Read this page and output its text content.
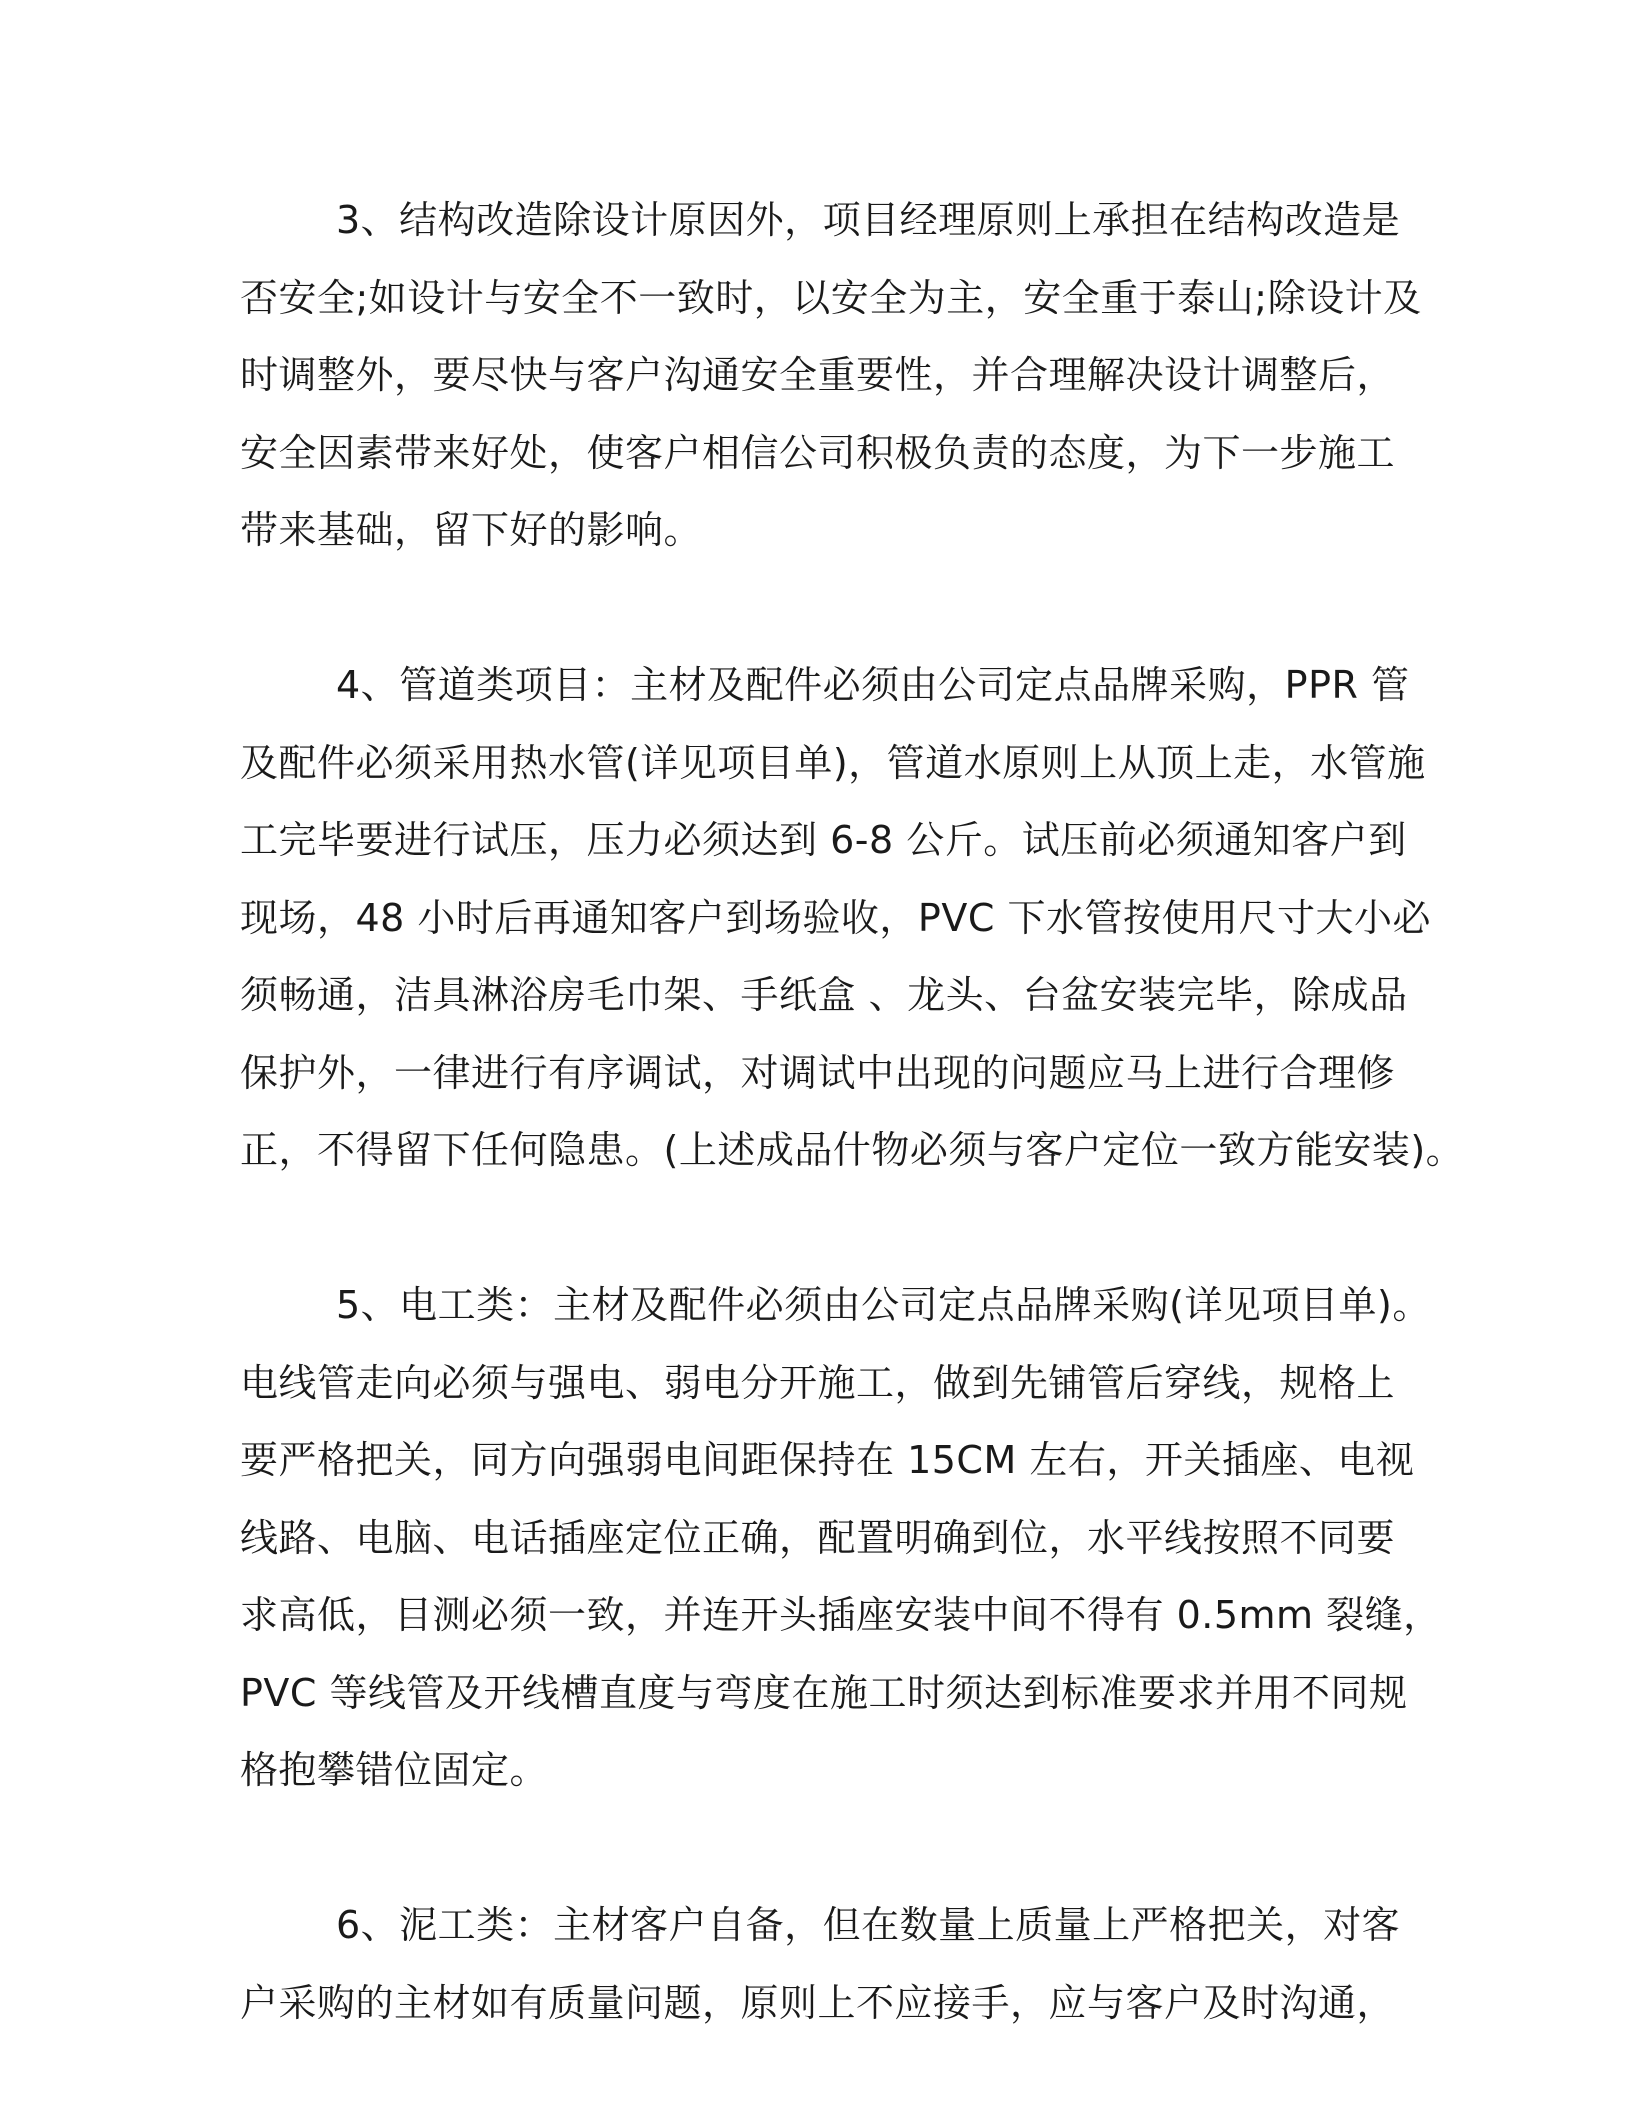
3、结构改造除设计原因外，项目经理原则上承担在结构改造是
否安全;如设计与安全不一致时，以安全为主，安全重于泰山;除设计及
时调整外，要尽快与客户沟通安全重要性，并合理解决设计调整后，
安全因素带来好处，使客户相信公司积极负责的态度，为下一步施工
带来基础，留下好的影响。
4、管道类项目：主材及配件必须由公司定点品牌采购，PPR 管
及配件必须采用热水管(详见项目单)，管道水原则上从顶上走，水管施
工完毕要进行试压，压力必须达到 6-8 公斤。试压前必须通知客户到
现场，48 小时后再通知客户到场验收，PVC 下水管按使用尺寸大小必
须畅通，洁具淋浴房毛巾架、手纸盒 、龙头、台盆安装完毕，除成品
保护外，一律进行有序调试，对调试中出现的问题应马上进行合理修
正，不得留下任何隐患。(上述成品什物必须与客户定位一致方能安装)。
5、电工类：主材及配件必须由公司定点品牌采购(详见项目单)。
电线管走向必须与强电、弱电分开施工，做到先铺管后穿线，规格上
要严格把关，同方向强弱电间距保持在 15CM 左右，开关插座、电视
线路、电脑、电话插座定位正确，配置明确到位，水平线按照不同要
求高低，目测必须一致，并连开头插座安装中间不得有 0.5mm 裂缝，
PVC 等线管及开线槽直度与弯度在施工时须达到标准要求并用不同规
格抱攀错位固定。
6、泥工类：主材客户自备，但在数量上质量上严格把关，对客
户采购的主材如有质量问题，原则上不应接手，应与客户及时沟通，
